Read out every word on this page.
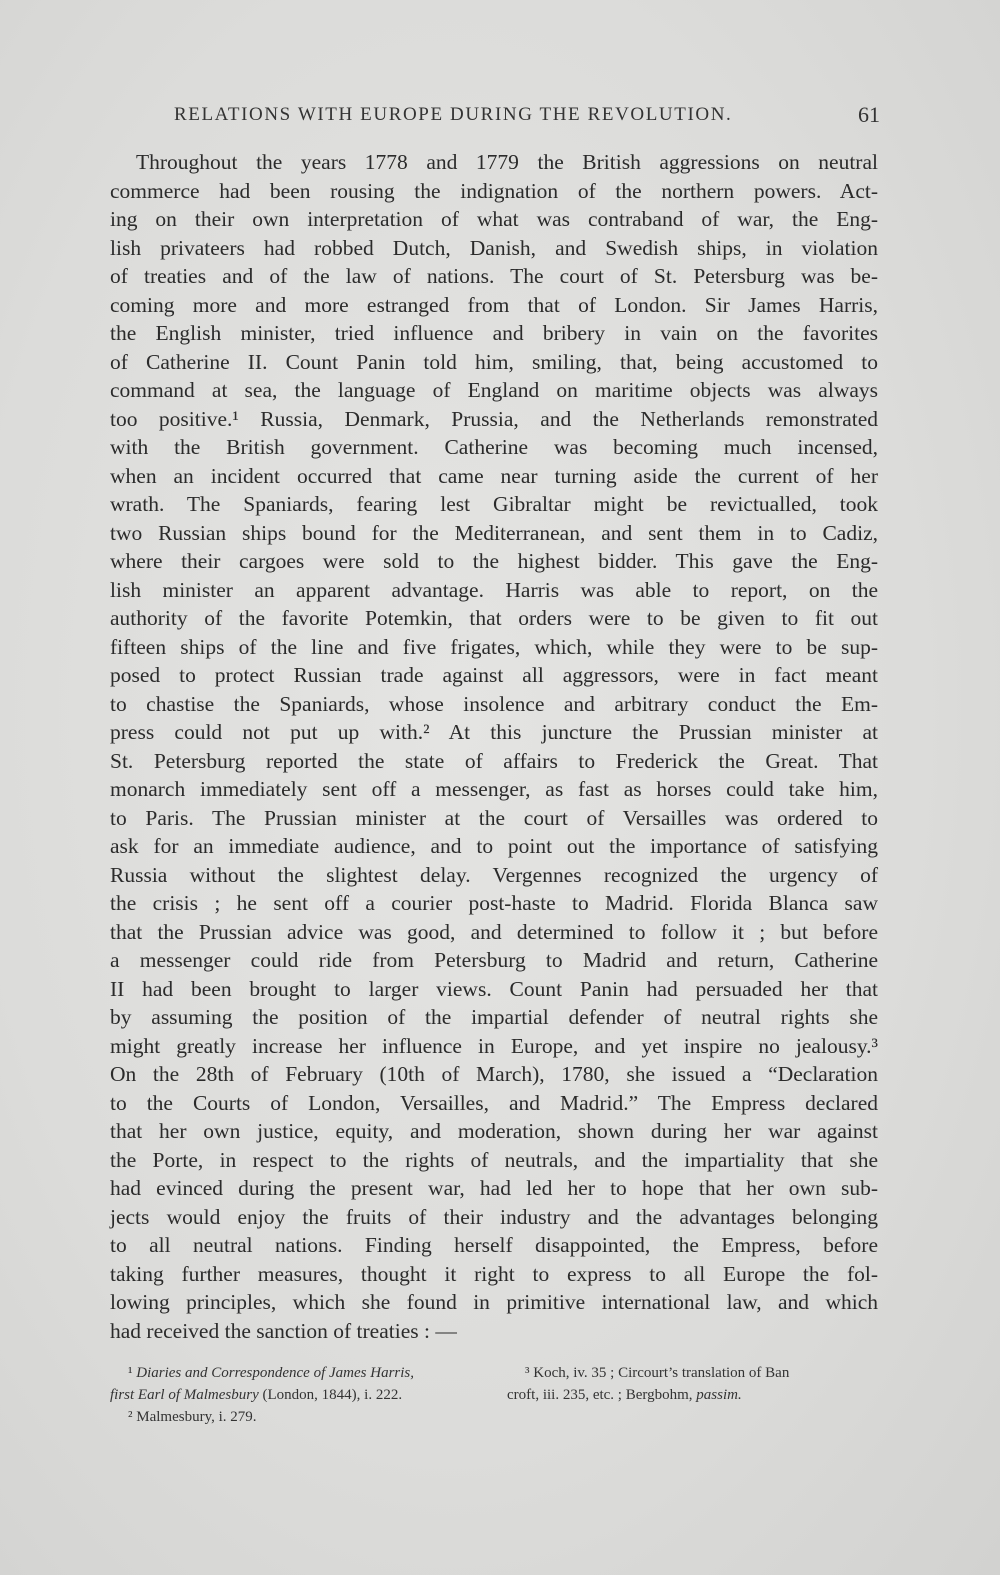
RELATIONS WITH EUROPE DURING THE REVOLUTION.	61
Throughout the years 1778 and 1779 the British aggressions on neutral
commerce had been rousing the indignation of the northern powers. Act-
ing on their own interpretation of what was contraband of war, the Eng-
lish privateers had robbed Dutch, Danish, and Swedish ships, in violation
of treaties and of the law of nations. The court of St. Petersburg was be-
coming more and more estranged from that of London. Sir James Harris,
the English minister, tried influence and bribery in vain on the favorites
of Catherine II. Count Panin told him, smiling, that, being accustomed to
command at sea, the language of England on maritime objects was always
too positive.¹ Russia, Denmark, Prussia, and the Netherlands remonstrated
with the British government. Catherine was becoming much incensed,
when an incident occurred that came near turning aside the current of her
wrath. The Spaniards, fearing lest Gibraltar might be revictualled, took
two Russian ships bound for the Mediterranean, and sent them in to Cadiz,
where their cargoes were sold to the highest bidder. This gave the Eng-
lish minister an apparent advantage. Harris was able to report, on the
authority of the favorite Potemkin, that orders were to be given to fit out
fifteen ships of the line and five frigates, which, while they were to be sup-
posed to protect Russian trade against all aggressors, were in fact meant
to chastise the Spaniards, whose insolence and arbitrary conduct the Em-
press could not put up with.² At this juncture the Prussian minister at
St. Petersburg reported the state of affairs to Frederick the Great. That
monarch immediately sent off a messenger, as fast as horses could take him,
to Paris. The Prussian minister at the court of Versailles was ordered to
ask for an immediate audience, and to point out the importance of satisfying
Russia without the slightest delay. Vergennes recognized the urgency of
the crisis ; he sent off a courier post-haste to Madrid. Florida Blanca saw
that the Prussian advice was good, and determined to follow it ; but before
a messenger could ride from Petersburg to Madrid and return, Catherine
II had been brought to larger views. Count Panin had persuaded her that
by assuming the position of the impartial defender of neutral rights she
might greatly increase her influence in Europe, and yet inspire no jealousy.³
On the 28th of February (10th of March), 1780, she issued a “Declaration
to the Courts of London, Versailles, and Madrid.” The Empress declared
that her own justice, equity, and moderation, shown during her war against
the Porte, in respect to the rights of neutrals, and the impartiality that she
had evinced during the present war, had led her to hope that her own sub-
jects would enjoy the fruits of their industry and the advantages belonging
to all neutral nations. Finding herself disappointed, the Empress, before
taking further measures, thought it right to express to all Europe the fol-
lowing principles, which she found in primitive international law, and which
had received the sanction of treaties : —
¹ Diaries and Correspondence of James Harris,
first Earl of Malmesbury (London, 1844), i. 222.
² Malmesbury, i. 279.
³ Koch, iv. 35 ; Circourt’s translation of Ban
croft, iii. 235, etc. ; Bergbohm, passim.
